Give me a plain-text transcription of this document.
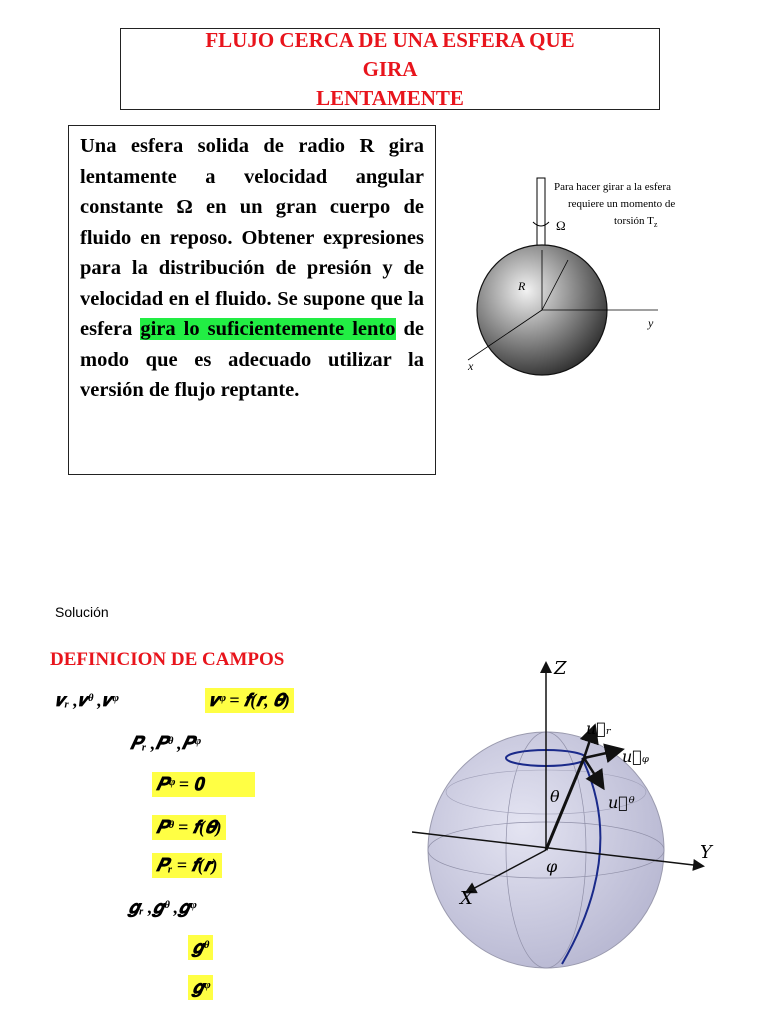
FLUJO CERCA DE UNA ESFERA QUE GIRA
LENTAMENTE

Una esfera solida de radio R gira lentamente a velocidad angular constante Ω en un gran cuerpo de fluido en reposo. Obtener expresiones para la distribución de presión y de velocidad en el fluido. Se supone que la esfera gira lo suficientemente lento de modo que es adecuado utilizar la versión de flujo reptante.

Ω
R
y
x
Para hacer girar a la esfera
requiere un momento de
torsión $T_z$
Solución
DEFINICION DE CAMPOS
𝒗ᵣ ,𝒗ᶿ ,𝒗ᵠ	𝒗ᵠ = 𝒇(𝒓, 𝜽)
𝑷ᵣ ,𝑷ᶿ ,𝑷ᵠ
𝑷ᵠ = 𝟎
𝑷ᶿ = 𝒇(𝜽)
𝑷ᵣ = 𝒇(𝒓)
𝒈ᵣ ,𝒈ᶿ ,𝒈ᵠ
𝒈ᶿ
𝒈ᵠ
Z
Y
X
u⃗ᵣ
u⃗ᵩ
u⃗ᶿ
θ
φ
